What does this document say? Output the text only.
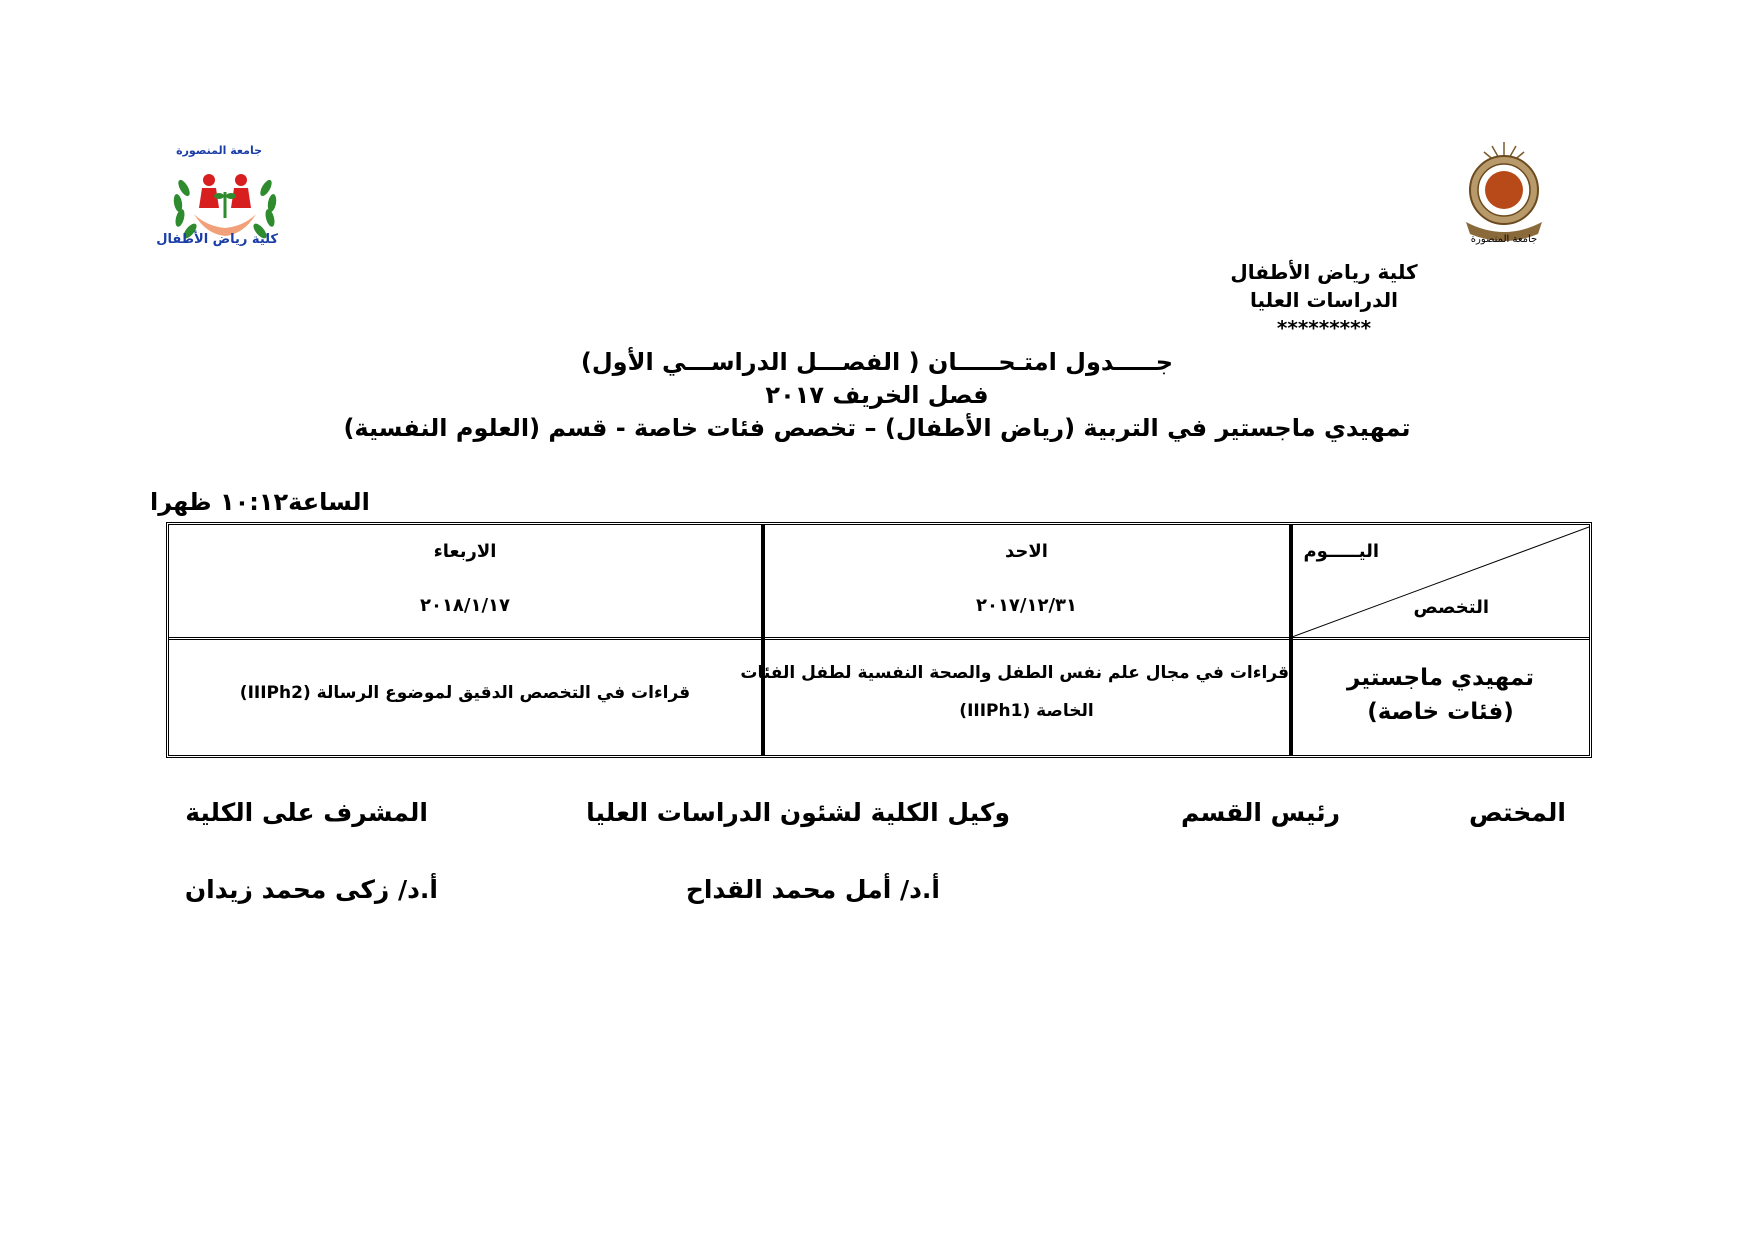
جامعة المنصورة
كلية رياض الأطفال	جامعة المنصورة
كلية رياض الأطفال
الدراسات العليا
*********
جـــــدول امتـحـــــان ( الفصـــل الدراســـي الأول)
فصل الخريف ٢٠١٧
تمهيدي ماجستير في التربية (رياض الأطفال) – تخصص فئات خاصة - قسم (العلوم النفسية)
الساعة١٠:١٢ ظهرا
اليـــــوم
التخصص
الاحد
٢٠١٧/١٢/٣١
الاربعاء
٢٠١٨/١/١٧
تمهيدي ماجستير
(فئات خاصة)
قراءات في مجال علم نفس الطفل والصحة النفسية لطفل الفئات
الخاصة (IIIPh1)
قراءات في التخصص الدقيق لموضوع الرسالة (IIIPh2)
المختص
رئيس القسم
وكيل الكلية لشئون الدراسات العليا
المشرف على الكلية
أ.د/ أمل محمد القداح
أ.د/ زكى محمد زيدان
